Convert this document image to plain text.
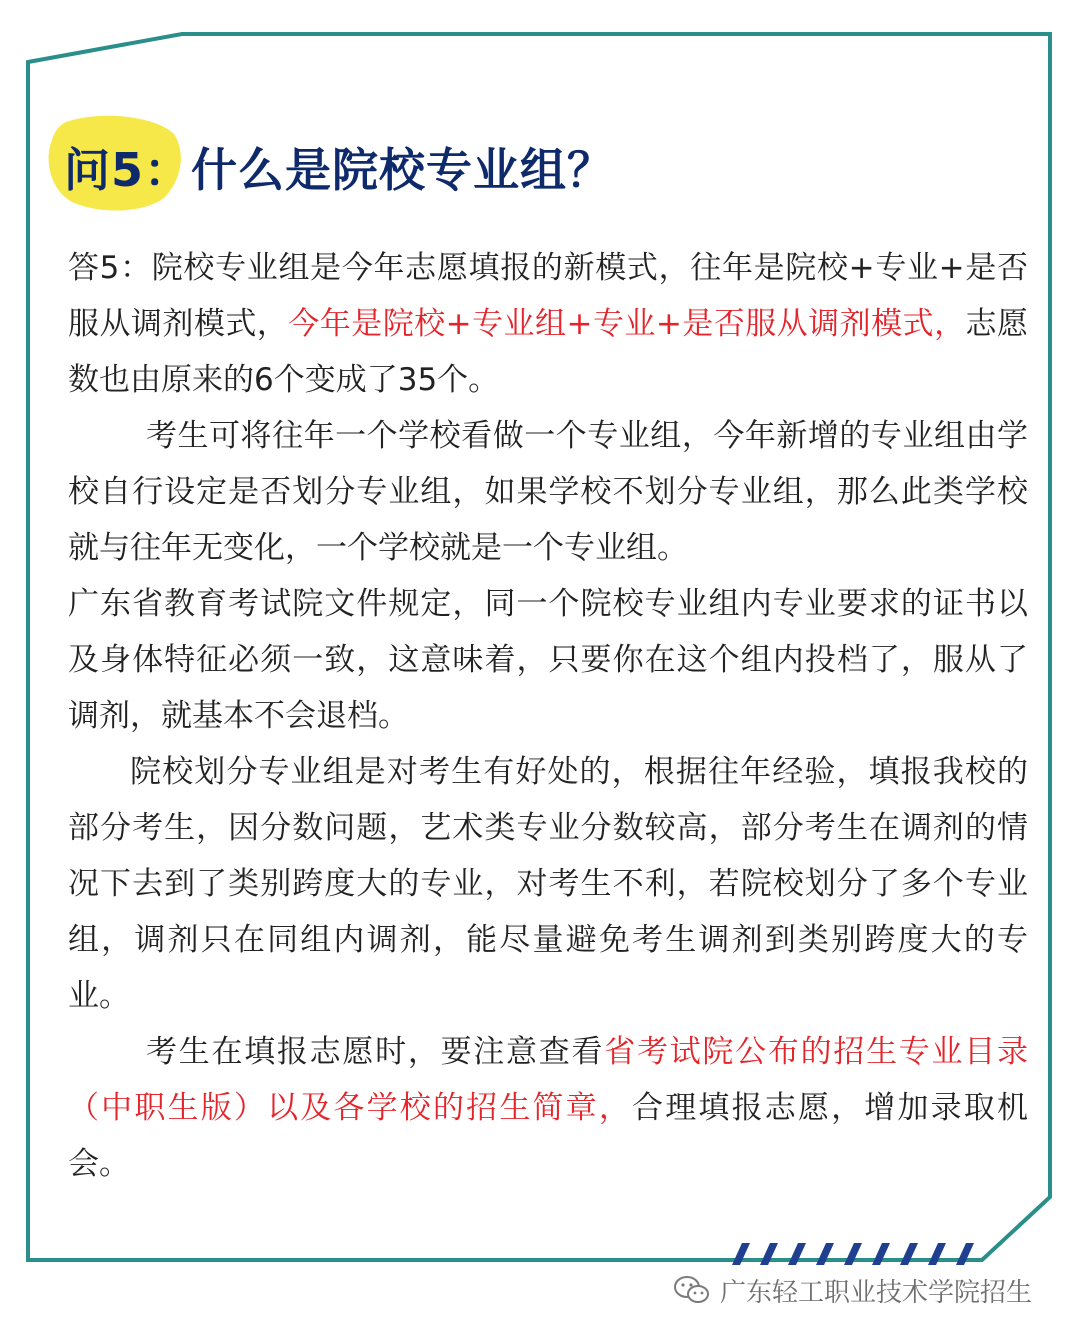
问5：什么是院校专业组？

答5：院校专业组是今年志愿填报的新模式，往年是院校+专业+是否服从调剂模式，今年是院校+专业组+专业+是否服从调剂模式，志愿数也由原来的6个变成了35个。

考生可将往年一个学校看做一个专业组，今年新增的专业组由学校自行设定是否划分专业组，如果学校不划分专业组，那么此类学校就与往年无变化，一个学校就是一个专业组。

广东省教育考试院文件规定，同一个院校专业组内专业要求的证书以及身体特征必须一致，这意味着，只要你在这个组内投档了，服从了调剂，就基本不会退档。

院校划分专业组是对考生有好处的，根据往年经验，填报我校的部分考生，因分数问题，艺术类专业分数较高，部分考生在调剂的情况下去到了类别跨度大的专业，对考生不利，若院校划分了多个专业组，调剂只在同组内调剂，能尽量避免考生调剂到类别跨度大的专业。

考生在填报志愿时，要注意查看省考试院公布的招生专业目录（中职生版）以及各学校的招生简章，合理填报志愿，增加录取机会。

广东轻工职业技术学院招生
